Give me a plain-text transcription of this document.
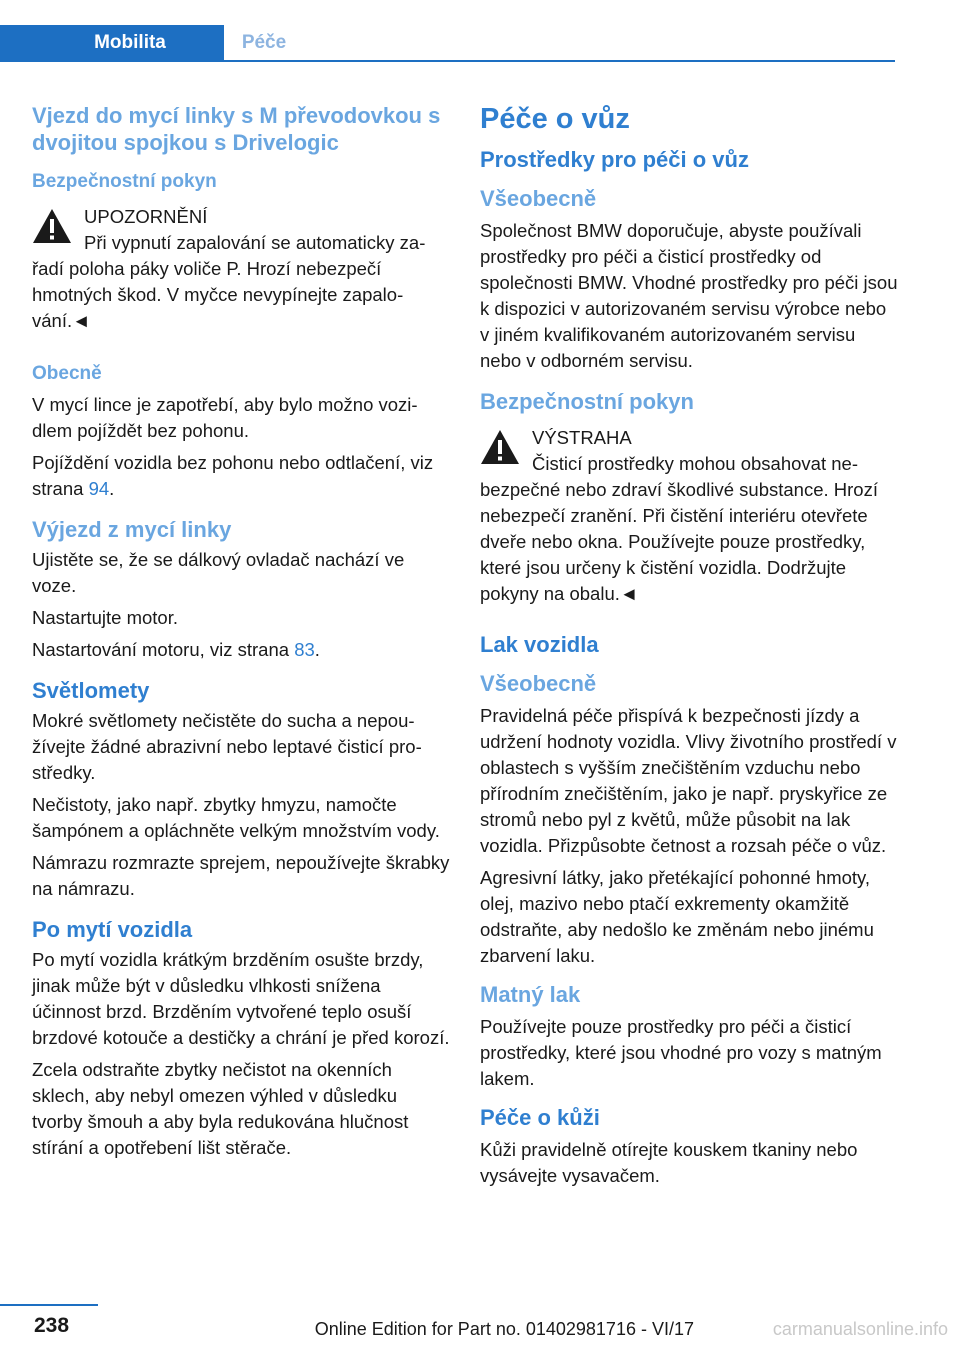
Mobilita	Péče
Vjezd do mycí linky s M převodovkou s dvojitou spojkou s Drivelogic
Bezpečnostní pokyn
UPOZORNĚNÍ
Při vypnutí zapalování se automaticky zařadí poloha páky voliče P. Hrozí nebezpečí hmotných škod. V myčce nevypínejte zapalování.◄
Obecně

V mycí lince je zapotřebí, aby bylo možno vozidlem pojíždět bez pohonu.

Pojíždění vozidla bez pohonu nebo odtlačení, viz strana 94.

Výjezd z mycí linky

Ujistěte se, že se dálkový ovladač nachází ve voze.

Nastartujte motor.

Nastartování motoru, viz strana 83.

Světlomety

Mokré světlomety nečistěte do sucha a nepoužívejte žádné abrazivní nebo leptavé čisticí prostředky.

Nečistoty, jako např. zbytky hmyzu, namočte šampónem a opláchněte velkým množstvím vody.

Námrazu rozmrazte sprejem, nepoužívejte škrabky na námrazu.

Po mytí vozidla

Po mytí vozidla krátkým brzděním osušte brzdy, jinak může být v důsledku vlhkosti snížena účinnost brzd. Brzděním vytvořené teplo osuší brzdové kotouče a destičky a chrání je před korozí.

Zcela odstraňte zbytky nečistot na okenních sklech, aby nebyl omezen výhled v důsledku tvorby šmouh a aby byla redukována hlučnost stírání a opotřebení lišt stěrače.

Péče o vůz
Prostředky pro péči o vůz
Všeobecně

Společnost BMW doporučuje, abyste používali prostředky pro péči a čisticí prostředky od společnosti BMW. Vhodné prostředky pro péči jsou k dispozici v autorizovaném servisu výrobce nebo v jiném kvalifikovaném autorizovaném servisu nebo v odborném servisu.

Bezpečnostní pokyn
VÝSTRAHA
Čisticí prostředky mohou obsahovat nebezpečné nebo zdraví škodlivé substance. Hrozí nebezpečí zranění. Při čistění interiéru otevřete dveře nebo okna. Používejte pouze prostředky, které jsou určeny k čistění vozidla. Dodržujte pokyny na obalu.◄
Lak vozidla
Všeobecně

Pravidelná péče přispívá k bezpečnosti jízdy a udržení hodnoty vozidla. Vlivy životního prostředí v oblastech s vyšším znečištěním vzduchu nebo přírodním znečištěním, jako je např. pryskyřice ze stromů nebo pyl z květů, může působit na lak vozidla. Přizpůsobte četnost a rozsah péče o vůz.

Agresivní látky, jako přetékající pohonné hmoty, olej, mazivo nebo ptačí exkrementy okamžitě odstraňte, aby nedošlo ke změnám nebo jinému zbarvení laku.

Matný lak

Používejte pouze prostředky pro péči a čisticí prostředky, které jsou vhodné pro vozy s matným lakem.

Péče o kůži

Kůži pravidelně otírejte kouskem tkaniny nebo vysávejte vysavačem.

238	Online Edition for Part no. 01402981716 - VI/17	carmanualsonline.info
